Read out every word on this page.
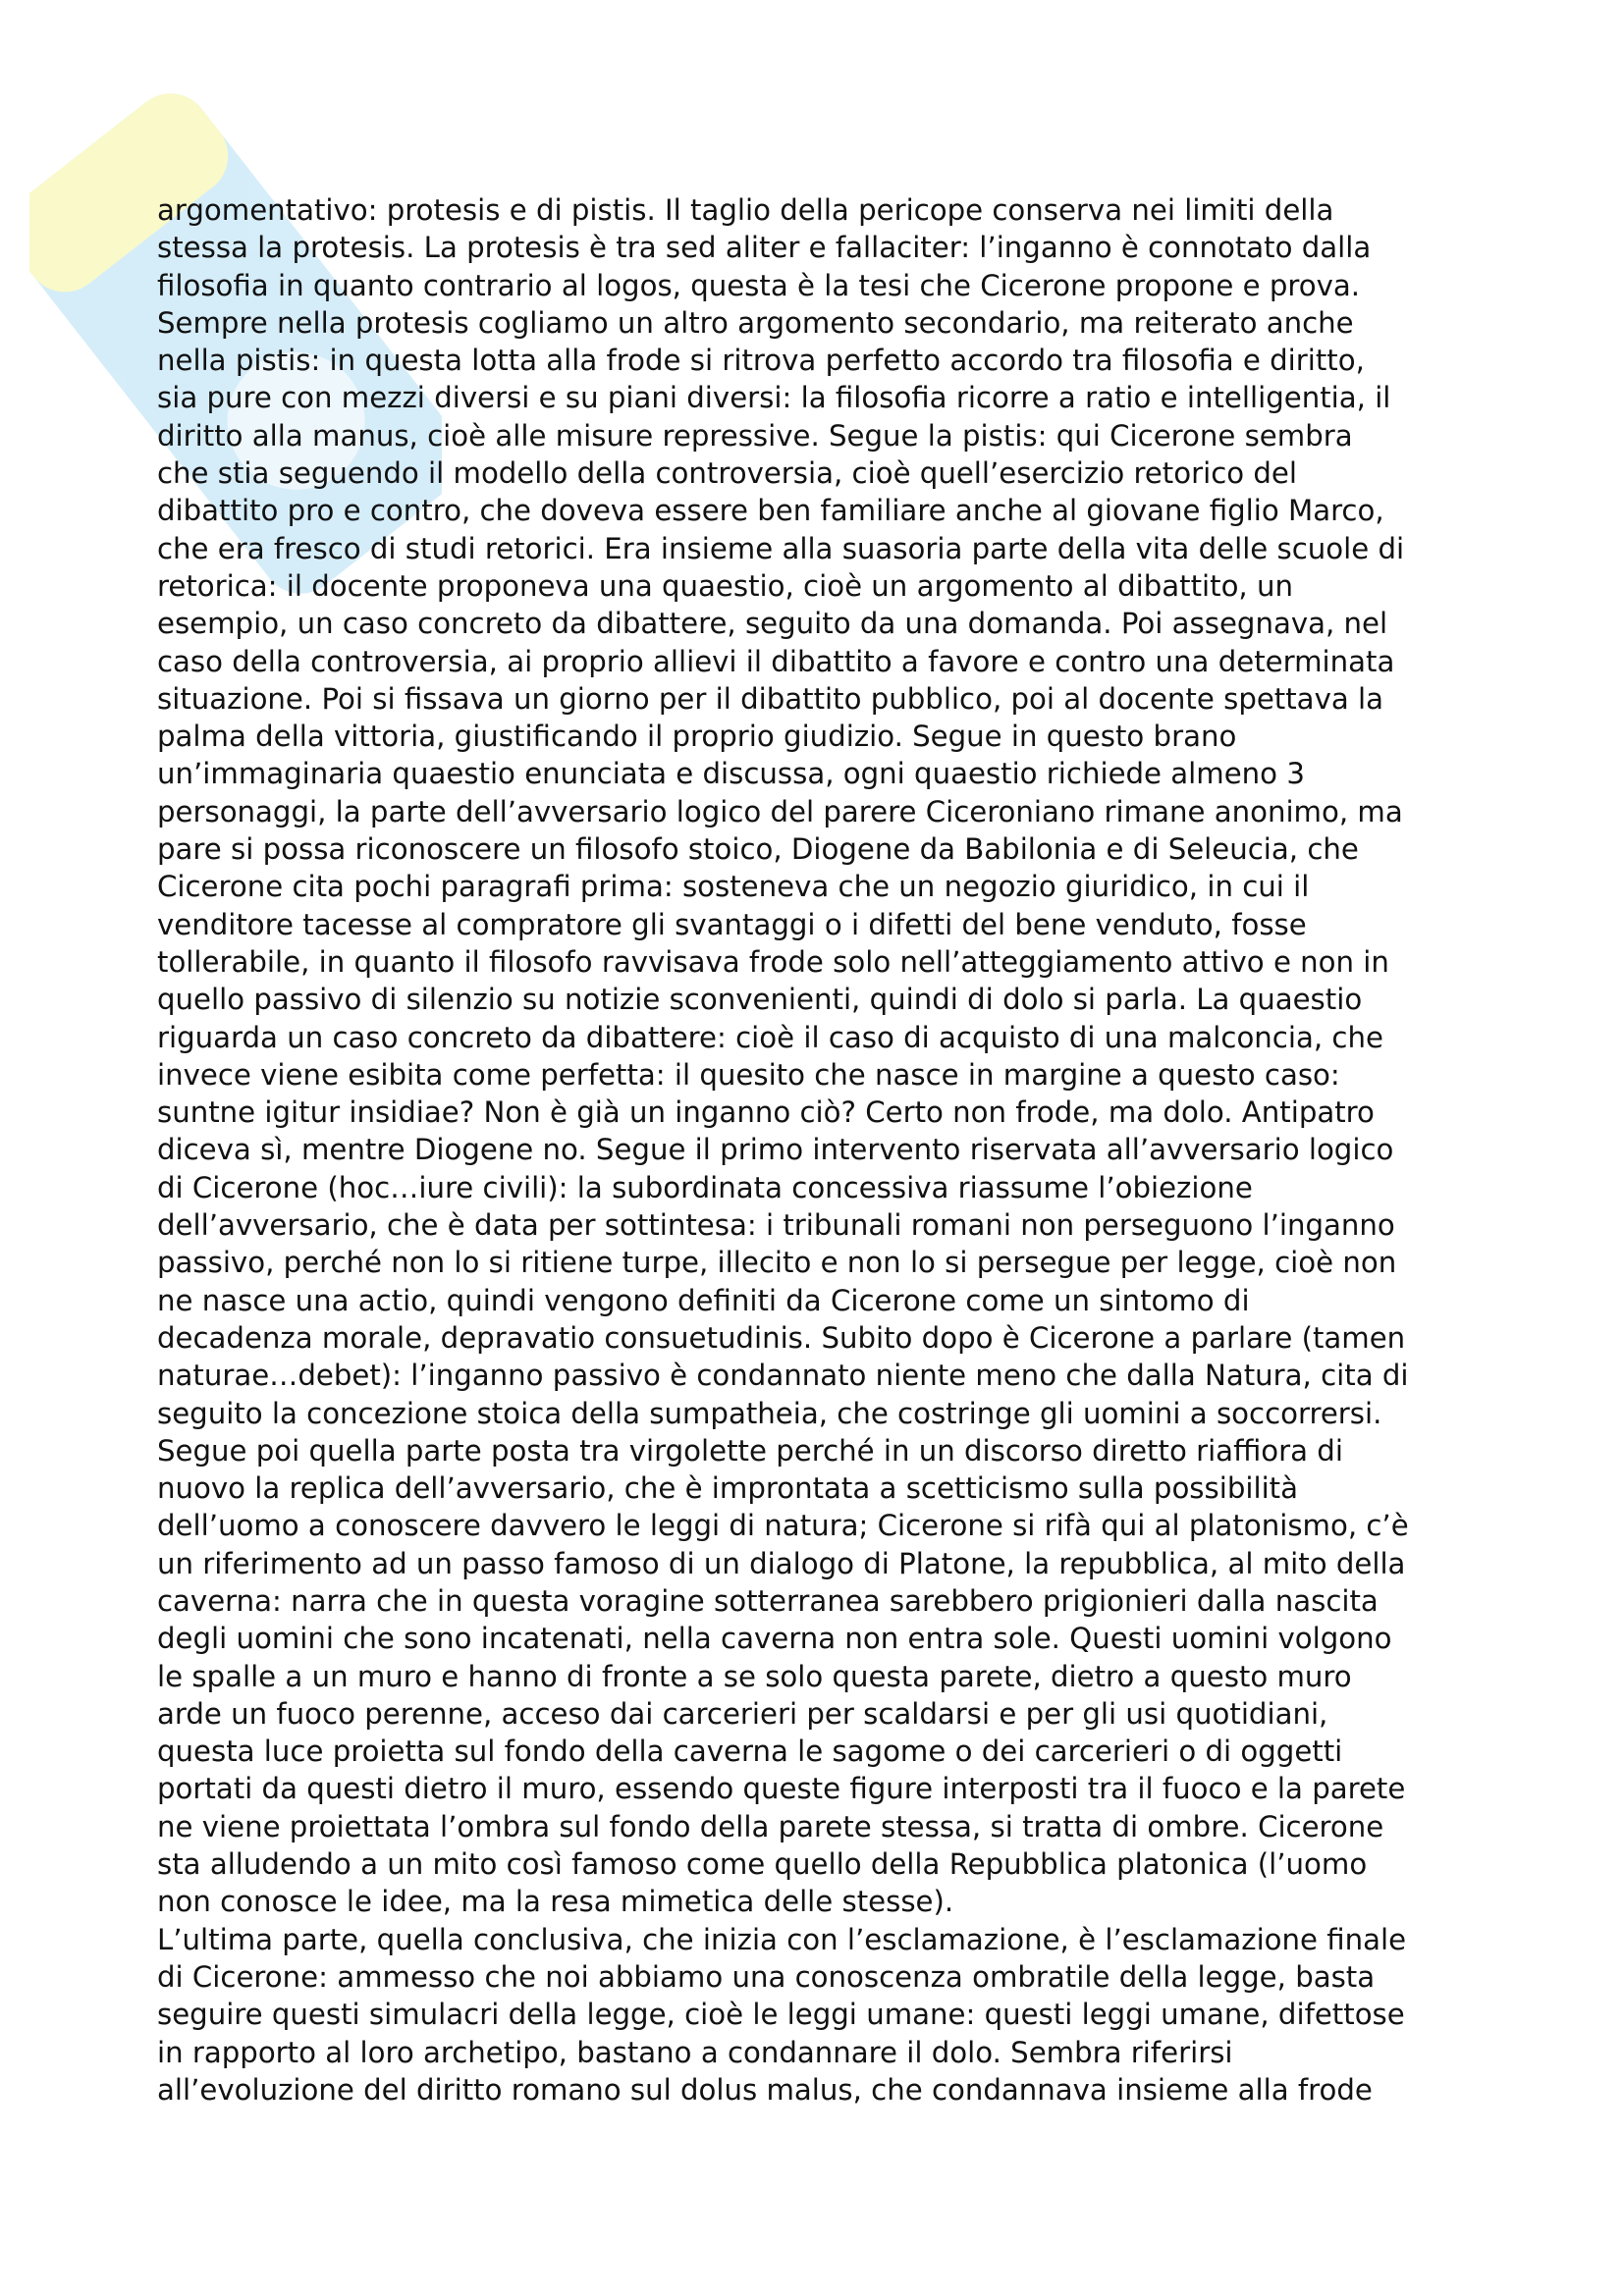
argomentativo: protesis e di pistis. Il taglio della pericope conserva nei limiti della
stessa la protesis. La protesis è tra sed aliter e fallaciter: l’inganno è connotato dalla
filosofia in quanto contrario al logos, questa è la tesi che Cicerone propone e prova.
Sempre nella protesis cogliamo un altro argomento secondario, ma reiterato anche
nella pistis: in questa lotta alla frode si ritrova perfetto accordo tra filosofia e diritto,
sia pure con mezzi diversi e su piani diversi: la filosofia ricorre a ratio e intelligentia, il
diritto alla manus, cioè alle misure repressive. Segue la pistis: qui Cicerone sembra
che stia seguendo il modello della controversia, cioè quell’esercizio retorico del
dibattito pro e contro, che doveva essere ben familiare anche al giovane figlio Marco,
che era fresco di studi retorici. Era insieme alla suasoria parte della vita delle scuole di
retorica: il docente proponeva una quaestio, cioè un argomento al dibattito, un
esempio, un caso concreto da dibattere, seguito da una domanda. Poi assegnava, nel
caso della controversia, ai proprio allievi il dibattito a favore e contro una determinata
situazione. Poi si fissava un giorno per il dibattito pubblico, poi al docente spettava la
palma della vittoria, giustificando il proprio giudizio. Segue in questo brano
un’immaginaria quaestio enunciata e discussa, ogni quaestio richiede almeno 3
personaggi, la parte dell’avversario logico del parere Ciceroniano rimane anonimo, ma
pare si possa riconoscere un filosofo stoico, Diogene da Babilonia e di Seleucia, che
Cicerone cita pochi paragrafi prima: sosteneva che un negozio giuridico, in cui il
venditore tacesse al compratore gli svantaggi o i difetti del bene venduto, fosse
tollerabile, in quanto il filosofo ravvisava frode solo nell’atteggiamento attivo e non in
quello passivo di silenzio su notizie sconvenienti, quindi di dolo si parla. La quaestio
riguarda un caso concreto da dibattere: cioè il caso di acquisto di una malconcia, che
invece viene esibita come perfetta: il quesito che nasce in margine a questo caso:
suntne igitur insidiae? Non è già un inganno ciò? Certo non frode, ma dolo. Antipatro
diceva sì, mentre Diogene no. Segue il primo intervento riservata all’avversario logico
di Cicerone (hoc…iure civili): la subordinata concessiva riassume l’obiezione
dell’avversario, che è data per sottintesa: i tribunali romani non perseguono l’inganno
passivo, perché non lo si ritiene turpe, illecito e non lo si persegue per legge, cioè non
ne nasce una actio, quindi vengono definiti da Cicerone come un sintomo di
decadenza morale, depravatio consuetudinis. Subito dopo è Cicerone a parlare (tamen
naturae…debet): l’inganno passivo è condannato niente meno che dalla Natura, cita di
seguito la concezione stoica della sumpatheia, che costringe gli uomini a soccorrersi.
Segue poi quella parte posta tra virgolette perché in un discorso diretto riaffiora di
nuovo la replica dell’avversario, che è improntata a scetticismo sulla possibilità
dell’uomo a conoscere davvero le leggi di natura; Cicerone si rifà qui al platonismo, c’è
un riferimento ad un passo famoso di un dialogo di Platone, la repubblica, al mito della
caverna: narra che in questa voragine sotterranea sarebbero prigionieri dalla nascita
degli uomini che sono incatenati, nella caverna non entra sole. Questi uomini volgono
le spalle a un muro e hanno di fronte a se solo questa parete, dietro a questo muro
arde un fuoco perenne, acceso dai carcerieri per scaldarsi e per gli usi quotidiani,
questa luce proietta sul fondo della caverna le sagome o dei carcerieri o di oggetti
portati da questi dietro il muro, essendo queste figure interposti tra il fuoco e la parete
ne viene proiettata l’ombra sul fondo della parete stessa, si tratta di ombre. Cicerone
sta alludendo a un mito così famoso come quello della Repubblica platonica (l’uomo
non conosce le idee, ma la resa mimetica delle stesse).
L’ultima parte, quella conclusiva, che inizia con l’esclamazione, è l’esclamazione finale
di Cicerone: ammesso che noi abbiamo una conoscenza ombratile della legge, basta
seguire questi simulacri della legge, cioè le leggi umane: questi leggi umane, difettose
in rapporto al loro archetipo, bastano a condannare il dolo. Sembra riferirsi
all’evoluzione del diritto romano sul dolus malus, che condannava insieme alla frode
